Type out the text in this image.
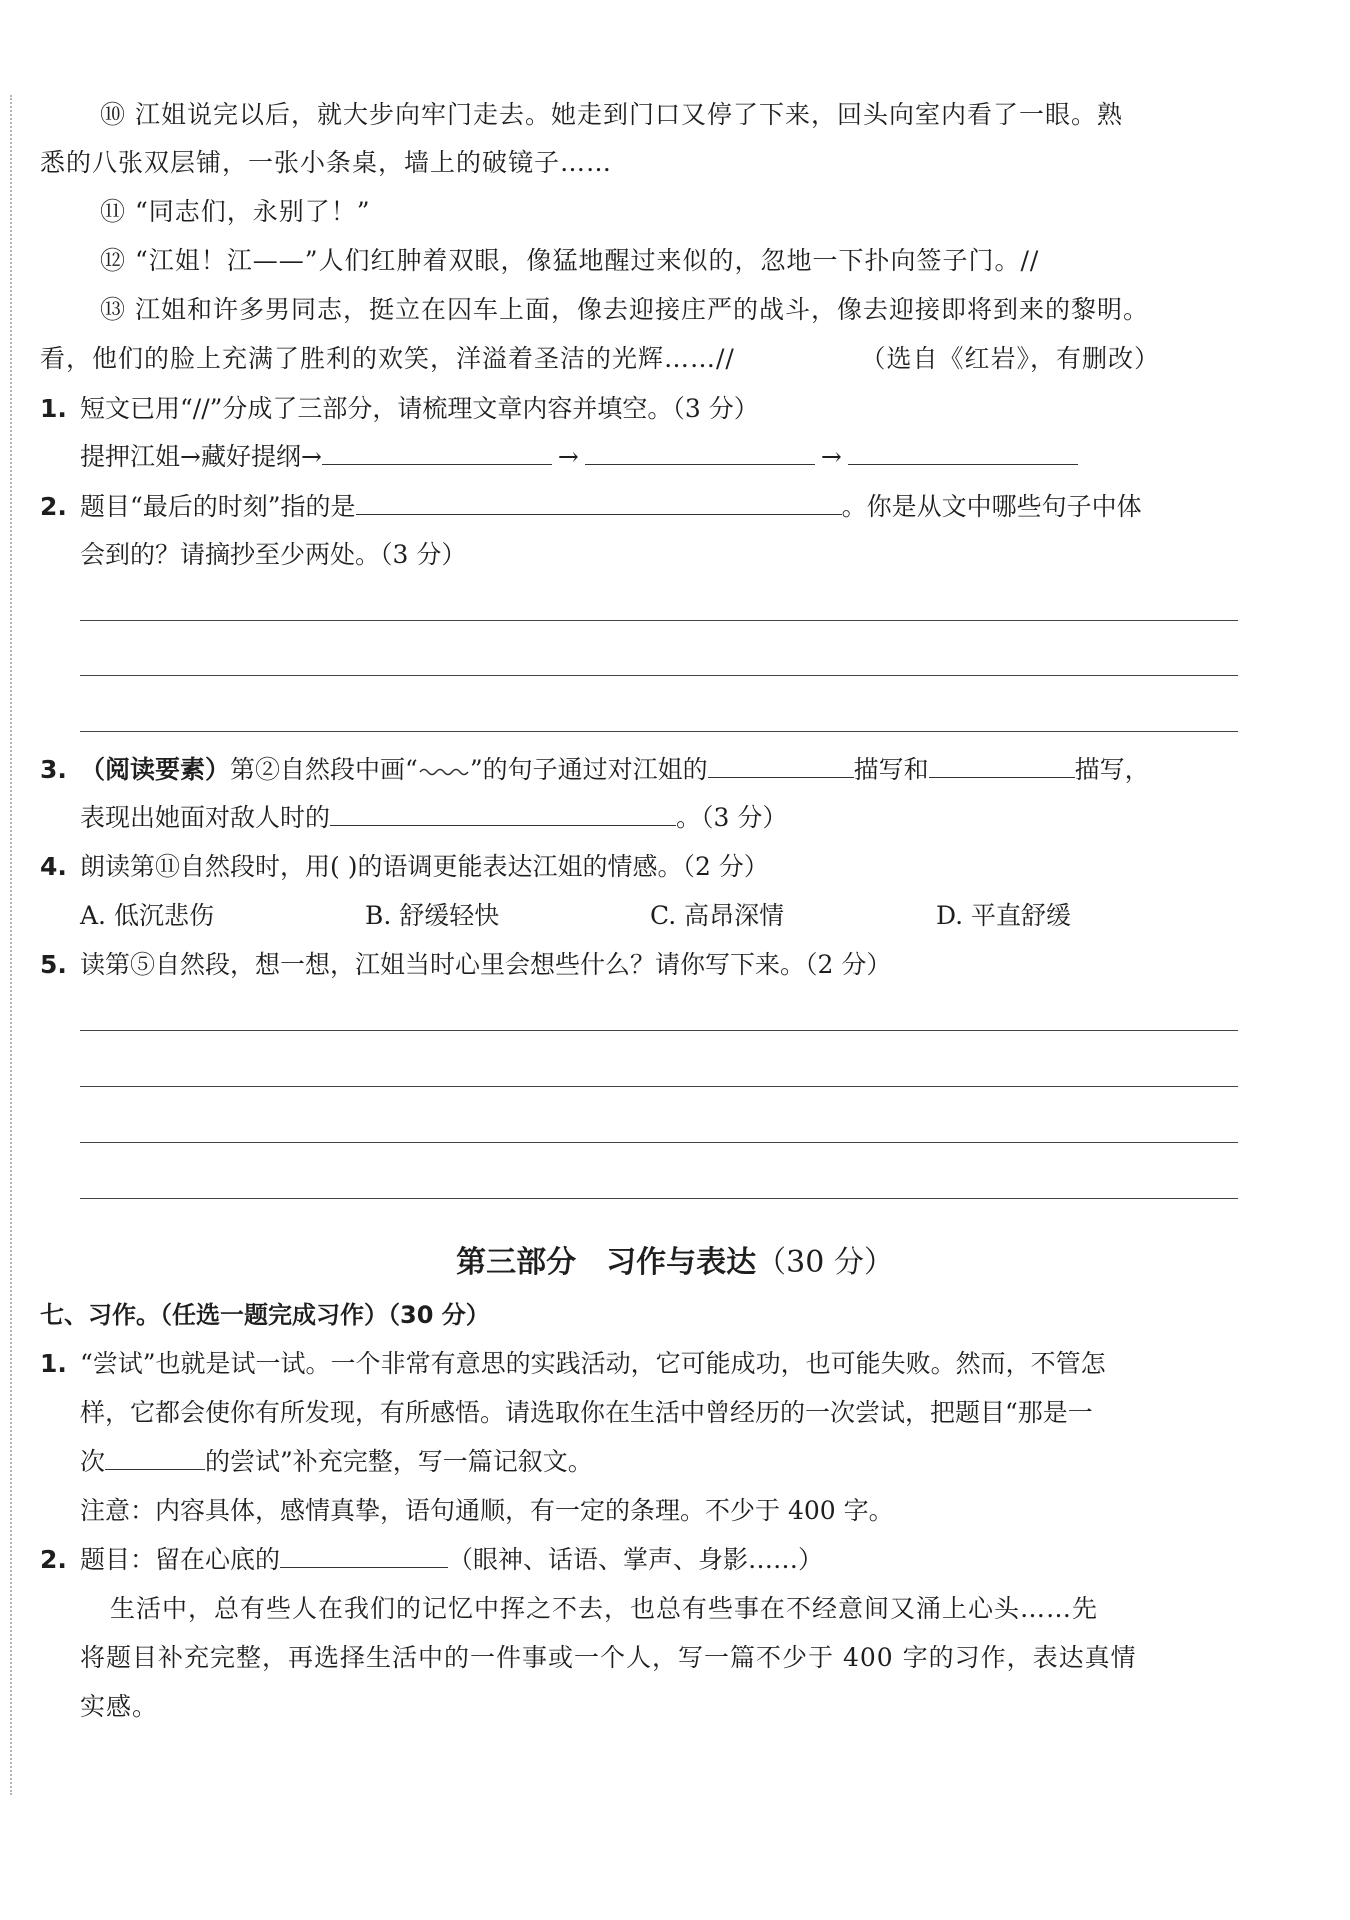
⑩ 江姐说完以后，就大步向牢门走去。她走到门口又停了下来，回头向室内看了一眼。熟
悉的八张双层铺，一张小条桌，墙上的破镜子……
⑪ “同志们，永别了！”
⑫ “江姐！江——”人们红肿着双眼，像猛地醒过来似的，忽地一下扑向签子门。//
⑬ 江姐和许多男同志，挺立在囚车上面，像去迎接庄严的战斗，像去迎接即将到来的黎明。
看，他们的脸上充满了胜利的欢笑，洋溢着圣洁的光辉……//	（选自《红岩》，有删改）
1. 短文已用“//”分成了三部分，请梳理文章内容并填空。（3 分）
提押江姐→藏好提纲→	→	→
2. 题目“最后的时刻”指的是	。你是从文中哪些句子中体
会到的？请摘抄至少两处。（3 分）
3. （阅读要素）第②自然段中画“ ”的句子通过对江姐的	描写和	描写，
表现出她面对敌人时的	。（3 分）
4. 朗读第⑪自然段时，用( )的语调更能表达江姐的情感。（2 分）
A. 低沉悲伤	B. 舒缓轻快	C. 高昂深情	D. 平直舒缓
5. 读第⑤自然段，想一想，江姐当时心里会想些什么？请你写下来。（2 分）
第三部分　习作与表达（30 分）
七、习作。（任选一题完成习作）（30 分）
1. “尝试”也就是试一试。一个非常有意思的实践活动，它可能成功，也可能失败。然而，不管怎
样，它都会使你有所发现，有所感悟。请选取你在生活中曾经历的一次尝试，把题目“那是一
次	的尝试”补充完整，写一篇记叙文。
注意：内容具体，感情真挚，语句通顺，有一定的条理。不少于 400 字。
2. 题目：留在心底的	（眼神、话语、掌声、身影……）
生活中，总有些人在我们的记忆中挥之不去，也总有些事在不经意间又涌上心头……先
将题目补充完整，再选择生活中的一件事或一个人，写一篇不少于 400 字的习作，表达真情
实感。
